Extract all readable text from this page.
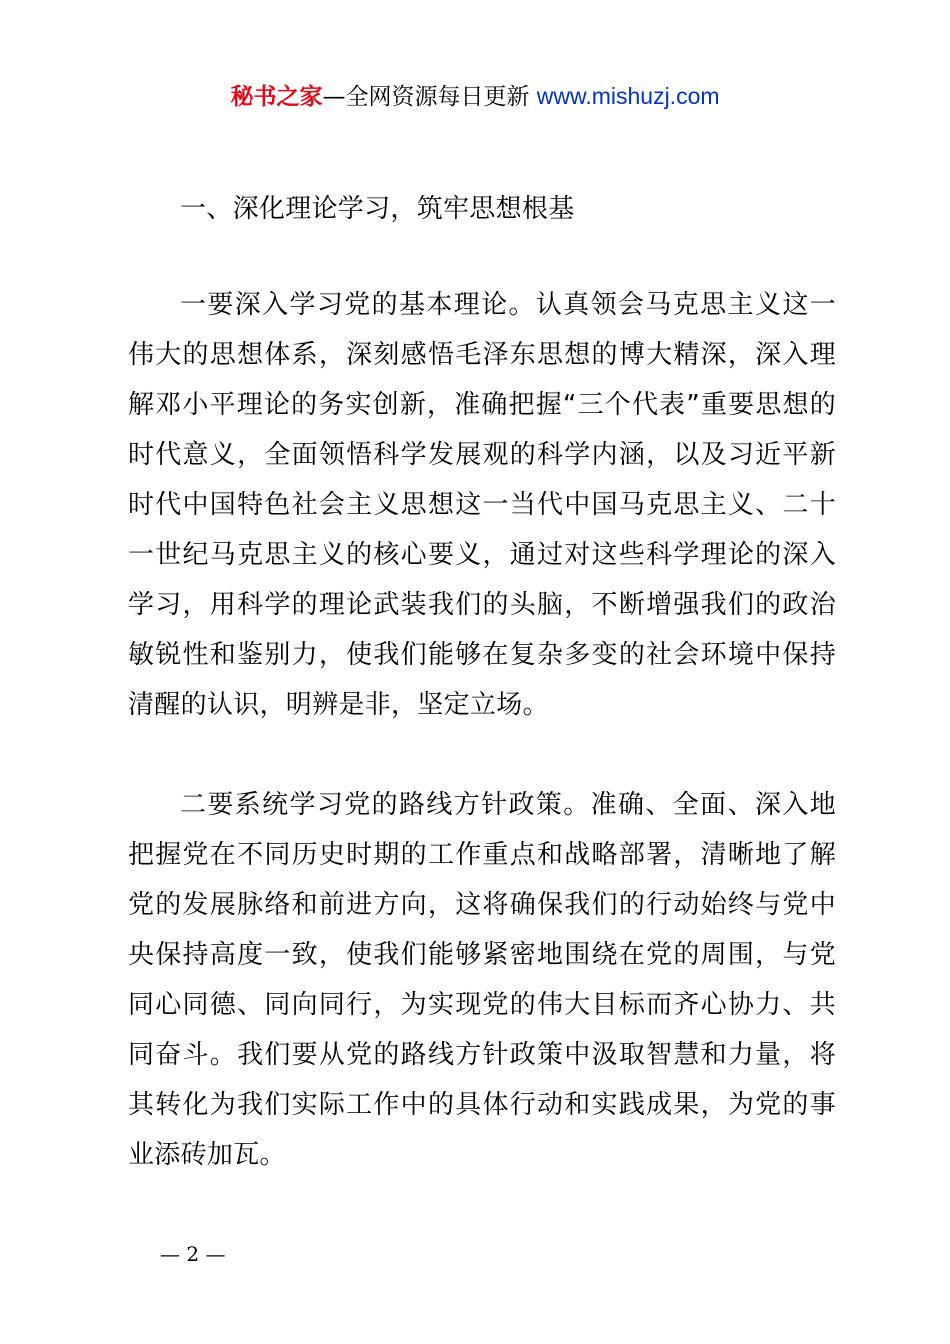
秘书之家—全网资源每日更新 www.mishuzj.com

一、深化理论学习，筑牢思想根基

一要深入学习党的基本理论。认真领会马克思主义这一伟大的思想体系，深刻感悟毛泽东思想的博大精深，深入理解邓小平理论的务实创新，准确把握“三个代表”重要思想的时代意义，全面领悟科学发展观的科学内涵，以及习近平新时代中国特色社会主义思想这一当代中国马克思主义、二十一世纪马克思主义的核心要义，通过对这些科学理论的深入学习，用科学的理论武装我们的头脑，不断增强我们的政治敏锐性和鉴别力，使我们能够在复杂多变的社会环境中保持清醒的认识，明辨是非，坚定立场。

二要系统学习党的路线方针政策。准确、全面、深入地把握党在不同历史时期的工作重点和战略部署，清晰地了解党的发展脉络和前进方向，这将确保我们的行动始终与党中央保持高度一致，使我们能够紧密地围绕在党的周围，与党同心同德、同向同行，为实现党的伟大目标而齐心协力、共同奋斗。我们要从党的路线方针政策中汲取智慧和力量，将其转化为我们实际工作中的具体行动和实践成果，为党的事业添砖加瓦。

— 2 —
